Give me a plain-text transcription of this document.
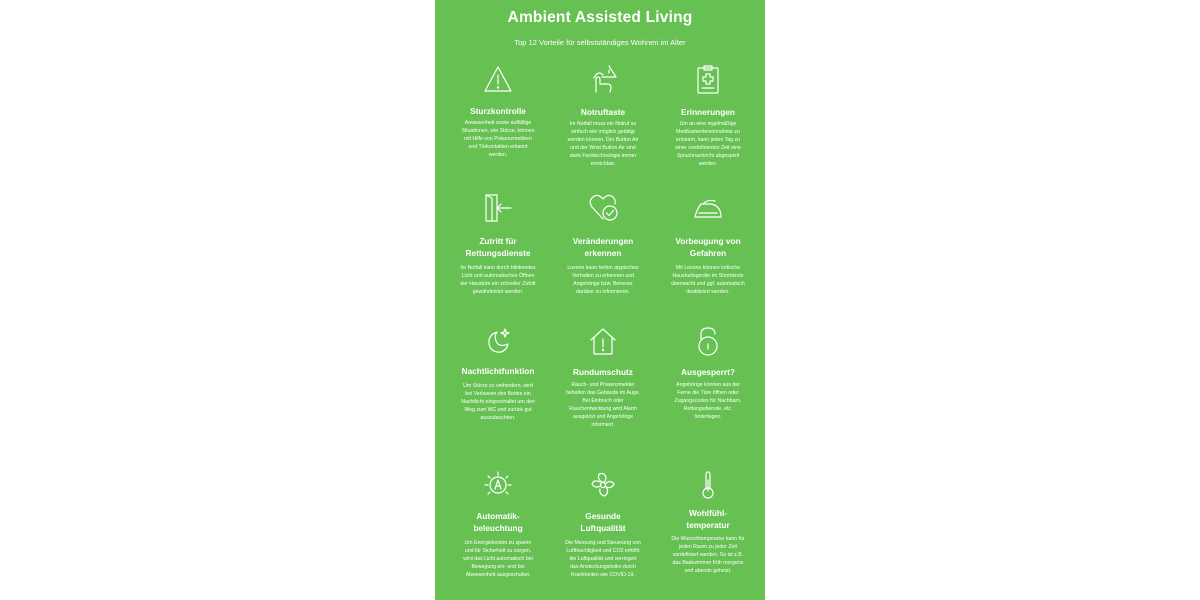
Ambient Assisted Living
Top 12 Vorteile für selbstständiges Wohnen im Alter
Sturzkontrolle
Anwesenheit sowie auffällige Situationen, wie Stürze, können mit Hilfe von Präsenzmeldern und Türkontakten erkannt werden.
Notruftaste
Im Notfall muss ein Notruf so einfach wie möglich getätigt werden können. Der Button Air und der Wrist Button Air sind dank Funktechnologie immer erreichbar.
Erinnerungen
Um an eine regelmäßige Medikamenteneinnahme zu erinnern, kann jeden Tag zu einer vordefinierten Zeit eine Sprachnachricht abgespielt werden.
Zutritt für Rettungsdienste
Im Notfall kann durch blinkendes Licht und automatisches Öffnen der Haustüre ein schneller Zutritt gewährleistet werden.
Veränderungen erkennen
Loxone kann helfen atypisches Verhalten zu erkennen und Angehörige bzw. Betreuer darüber zu informieren.
Vorbeugung von Gefahren
Mit Loxone können kritische Haushaltsgeräte im Stromkreis überwacht und ggf. automatisch deaktiviert werden.
Nachtlichtfunktion
Um Stürze zu verhindern, wird bei Verlassen des Bettes ein Nachtlicht eingeschaltet um den Weg zum WC und zurück gut auszuleuchten.
Rundumschutz
Rauch- und Präsenzmelder behalten das Gebäude im Auge. Bei Einbruch oder Rauchentwicklung wird Alarm ausgelöst und Angehörige informiert.
Ausgesperrt?
Angehörige können aus der Ferne die Türe öffnen oder Zugangscodes für Nachbarn, Rettungsdienste, etc. hinterlegen.
Automatik-beleuchtung
Um Energiekosten zu sparen und für Sicherheit zu sorgen, wird das Licht automatisch bei Bewegung ein- und bei Abwesenheit ausgeschaltet.
Gesunde Luftqualität
Die Messung und Steuerung von Luftfeuchtigkeit und CO2 erhöht die Luftqualität und verringert das Ansteckungsrisiko durch Krankheiten wie COVID-19.
Wohlfühl-temperatur
Die Wunschtemperatur kann für jeden Raum zu jeder Zeit vordefiniert werden. So ist z.B. das Badezimmer früh morgens und abends geheizt.
